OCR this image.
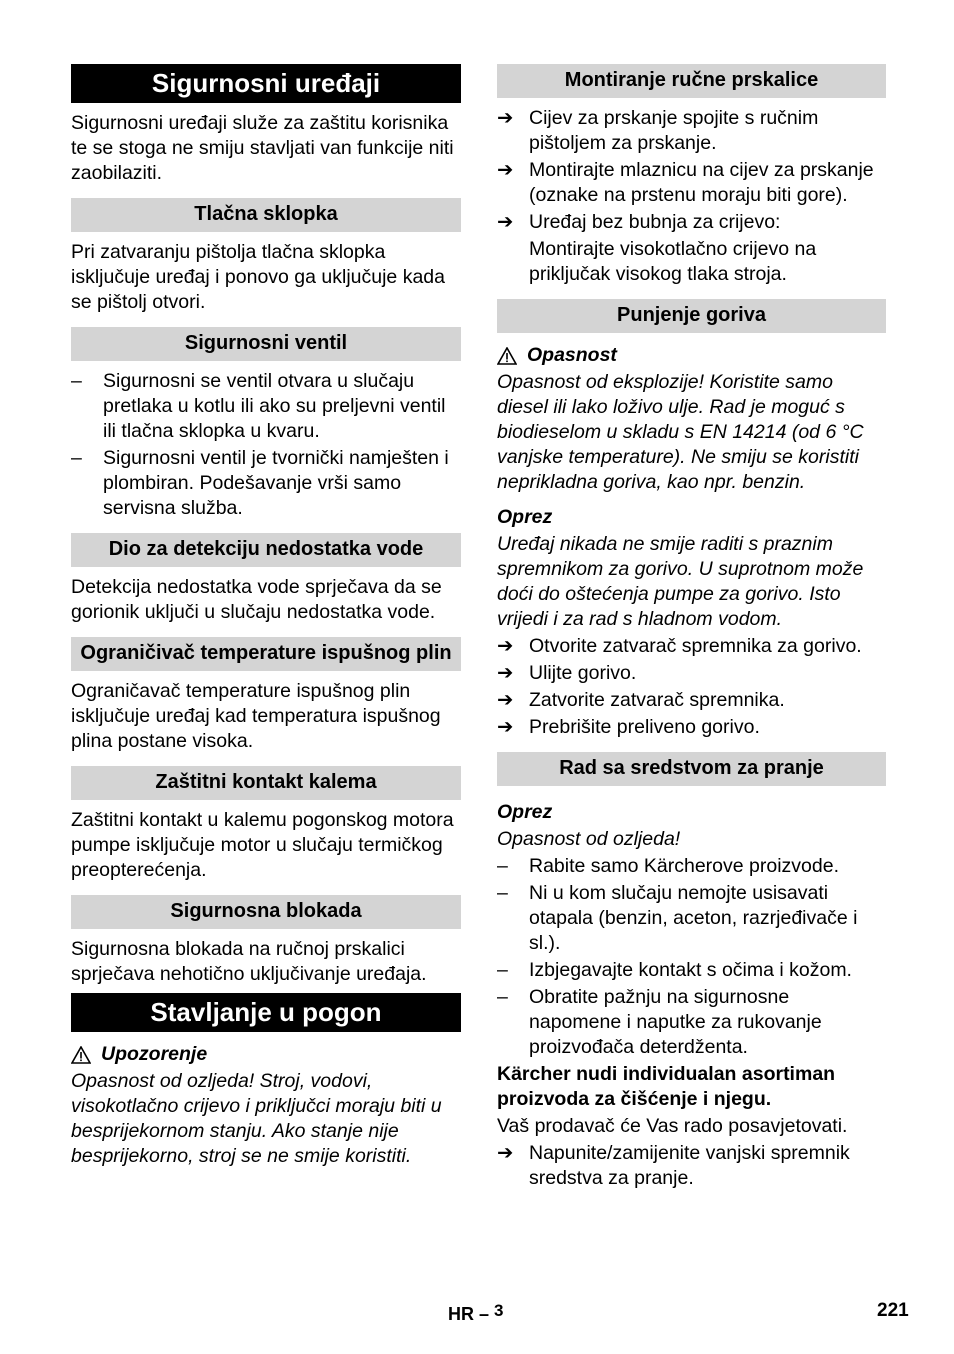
Sigurnosni uređaji

Sigurnosni uređaji služe za zaštitu korisnika te se stoga ne smiju stavljati van funkcije niti zaobilaziti.

Tlačna sklopka

Pri zatvaranju pištolja tlačna sklopka isključuje uređaj i ponovo ga uključuje kada se pištolj otvori.

Sigurnosni ventil
– Sigurnosni se ventil otvara u slučaju pretlaka u kotlu ili ako su preljevni ventil ili tlačna sklopka u kvaru.
– Sigurnosni ventil je tvornički namješten i plombiran. Podešavanje vrši samo servisna služba.
Dio za detekciju nedostatka vode

Detekcija nedostatka vode sprječava da se gorionik uključi u slučaju nedostatka vode.

Ograničivač temperature ispušnog plin

Ograničavač temperature ispušnog plin isključuje uređaj kad temperatura ispušnog plina postane visoka.

Zaštitni kontakt kalema

Zaštitni kontakt u kalemu pogonskog motora pumpe isključuje motor u slučaju termičkog preopterećenja.

Sigurnosna blokada

Sigurnosna blokada na ručnoj prskalici sprječava nehotično uključivanje uređaja.

Stavljanje u pogon
Upozorenje

Opasnost od ozljeda! Stroj, vodovi, visokotlačno crijevo i priključci moraju biti u besprijekornom stanju. Ako stanje nije besprijekorno, stroj se ne smije koristiti.

Montiranje ručne prskalice
➔ Cijev za prskanje spojite s ručnim pištoljem za prskanje.
➔ Montirajte mlaznicu na cijev za prskanje (oznake na prstenu moraju biti gore).
➔ Uređaj bez bubnja za crijevo:

Montirajte visokotlačno crijevo na priključak visokog tlaka stroja.

Punjenje goriva
Opasnost

Opasnost od eksplozije! Koristite samo diesel ili lako loživo ulje. Rad je moguć s biodieselom u skladu s EN 14214 (od 6 °C vanjske temperature). Ne smiju se koristiti neprikladna goriva, kao npr. benzin.

Oprez

Uređaj nikada ne smije raditi s praznim spremnikom za gorivo. U suprotnom može doći do oštećenja pumpe za gorivo. Isto vrijedi i za rad s hladnom vodom.

➔ Otvorite zatvarač spremnika za gorivo.
➔ Ulijte gorivo.
➔ Zatvorite zatvarač spremnika.
➔ Prebrišite preliveno gorivo.
Rad sa sredstvom za pranje
Oprez

Opasnost od ozljeda!

– Rabite samo Kärcherove proizvode.
– Ni u kom slučaju nemojte usisavati otapala (benzin, aceton, razrjeđivače i sl.).
– Izbjegavajte kontakt s očima i kožom.
– Obratite pažnju na sigurnosne napomene i naputke za rukovanje proizvođača deterdženta.

Kärcher nudi individualan asortiman proizvoda za čišćenje i njegu.

Vaš prodavač će Vas rado posavjetovati.

➔ Napunite/zamijenite vanjski spremnik sredstva za pranje.
HR – $^3$	221
